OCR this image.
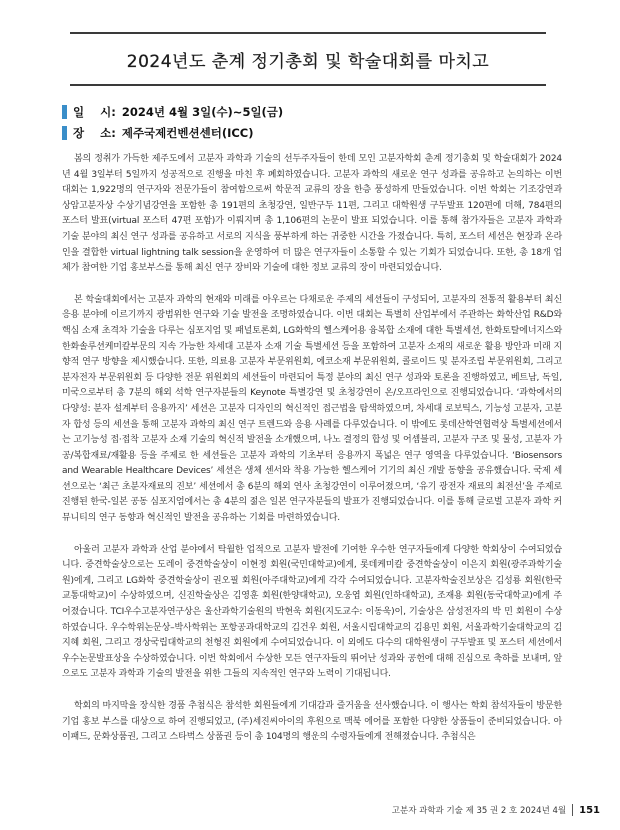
2024년도 춘계 정기총회 및 학술대회를 마치고
일    시: 2024년 4월 3일(수)~5일(금)
장    소: 제주국제컨벤션센터(ICC)

봄의 정취가 가득한 제주도에서 고분자 과학과 기술의 선두주자들이 한데 모인 고분자학회 춘계 정기총회 및 학술대회가 2024년 4월 3일부터 5일까지 성공적으로 진행을 마친 후 폐회하였습니다. 고분자 과학의 새로운 연구 성과를 공유하고 논의하는 이번 대회는 1,922명의 연구자와 전문가들이 참여함으로써 학문적 교류의 장을 한층 풍성하게 만들었습니다. 이번 학회는 기조강연과 상암고분자상 수상기념강연을 포함한 총 191편의 초청강연, 일반구두 11편, 그리고 대학원생 구두발표 120편에 더해, 784편의 포스터 발표(virtual 포스터 47편 포함)가 이뤄지며 총 1,106편의 논문이 발표 되었습니다. 이를 통해 참가자들은 고분자 과학과 기술 분야의 최신 연구 성과를 공유하고 서로의 지식을 풍부하게 하는 귀중한 시간을 가졌습니다. 특히, 포스터 세션은 현장과 온라인을 결합한 virtual lightning talk session을 운영하여 더 많은 연구자들이 소통할 수 있는 기회가 되었습니다. 또한, 총 18개 업체가 참여한 기업 홍보부스를 통해 최신 연구 장비와 기술에 대한 정보 교류의 장이 마련되었습니다.

본 학술대회에서는 고분자 과학의 현재와 미래를 아우르는 다채로운 주제의 세션들이 구성되어, 고분자의 전통적 활용부터 최신 응용 분야에 이르기까지 광범위한 연구와 기술 발전을 조명하였습니다. 이번 대회는 특별히 산업부에서 주관하는 화학산업 R&D와 핵심 소재 초격차 기술을 다루는 심포지엄 및 패널토론회, LG화학의 헬스케어용 융복합 소재에 대한 특별세션, 한화토탈에너지스와 한화솔루션케미칼부문의 지속 가능한 차세대 고분자 소재 기술 특별세션 등을 포함하여 고분자 소재의 새로운 활용 방안과 미래 지향적 연구 방향을 제시했습니다. 또한, 의료용 고분자 부문위원회, 에코소재 부문위원회, 콜로이드 및 분자조립 부문위원회, 그리고 분자전자 부문위원회 등 다양한 전문 위원회의 세션들이 마련되어 특정 분야의 최신 연구 성과와 토론을 진행하였고, 베트남, 독일, 미국으로부터 총 7분의 해외 석학 연구자분들의 Keynote 특별강연 및 초청강연이 온/오프라인으로 진행되었습니다. ‘과학에서의 다양성: 분자 설계부터 응용까지’ 세션은 고분자 디자인의 혁신적인 접근법을 탐색하였으며, 차세대 로보틱스, 기능성 고분자, 고분자 합성 등의 세션을 통해 고분자 과학의 최신 연구 트렌드와 응용 사례를 다루었습니다. 이 밖에도 롯데산학연협력상 특별세션에서는 고기능성 접·접착 고분자 소재 기술의 혁신적 발전을 소개했으며, 나노 결정의 합성 및 어셈블리, 고분자 구조 및 물성, 고분자 가공/복합재료/재활용 등을 주제로 한 세션들은 고분자 과학의 기초부터 응용까지 폭넓은 연구 영역을 다루었습니다. ‘Biosensors and Wearable Healthcare Devices’ 세션은 생체 센서와 착용 가능한 헬스케어 기기의 최신 개발 동향을 공유했습니다. 국제 세션으로는 ‘최근 초분자재료의 진보’ 세션에서 총 6분의 해외 연사 초청강연이 이루어졌으며, ‘유기 광전자 재료의 최전선’을 주제로 진행된 한국-일본 공동 심포지엄에서는 총 4분의 젊은 일본 연구자분들의 발표가 진행되었습니다. 이를 통해 글로벌 고분자 과학 커뮤니티의 연구 동향과 혁신적인 발전을 공유하는 기회를 마련하였습니다.

아울러 고분자 과학과 산업 분야에서 탁월한 업적으로 고분자 발전에 기여한 우수한 연구자들에게 다양한 학회상이 수여되었습니다. 중견학술상으로는 도레이 중견학술상이 이현정 회원(국민대학교)에게, 롯데케미칼 중견학술상이 이은지 회원(광주과학기술원)에게, 그리고 LG화학 중견학술상이 권오필 회원(아주대학교)에게 각각 수여되었습니다. 고분자학술진보상은 김성룡 회원(한국교통대학교)이 수상하였으며, 신진학술상은 김영훈 회원(한양대학교), 오웅엽 회원(인하대학교), 조재용 회원(동국대학교)에게 주어졌습니다. TCI우수고분자연구상은 울산과학기술원의 박현욱 회원(지도교수: 이동욱)이, 기술상은 삼성전자의 박 민 회원이 수상하였습니다. 우수학위논문상–박사학위는 포항공과대학교의 김건우 회원, 서울시립대학교의 김용민 회원, 서울과학기술대학교의 김지혜 회원, 그리고 경상국립대학교의 천형진 회원에게 수여되었습니다. 이 외에도 다수의 대학원생이 구두발표 및 포스터 세션에서 우수논문발표상을 수상하였습니다. 이번 학회에서 수상한 모든 연구자들의 뛰어난 성과와 공헌에 대해 진심으로 축하를 보내며, 앞으로도 고분자 과학과 기술의 발전을 위한 그들의 지속적인 연구와 노력이 기대됩니다.

학회의 마지막을 장식한 경품 추첨식은 참석한 회원들에게 기대감과 즐거움을 선사했습니다. 이 행사는 학회 참석자들이 방문한 기업 홍보 부스를 대상으로 하여 진행되었고, (주)세진씨아이의 후원으로 맥북 에어를 포함한 다양한 상품들이 준비되었습니다. 아이패드, 문화상품권, 그리고 스타벅스 상품권 등이 총 104명의 행운의 수령자들에게 전해졌습니다. 추첨식은

고분자 과학과 기술 제 35 권 2 호 2024년 4월 151
